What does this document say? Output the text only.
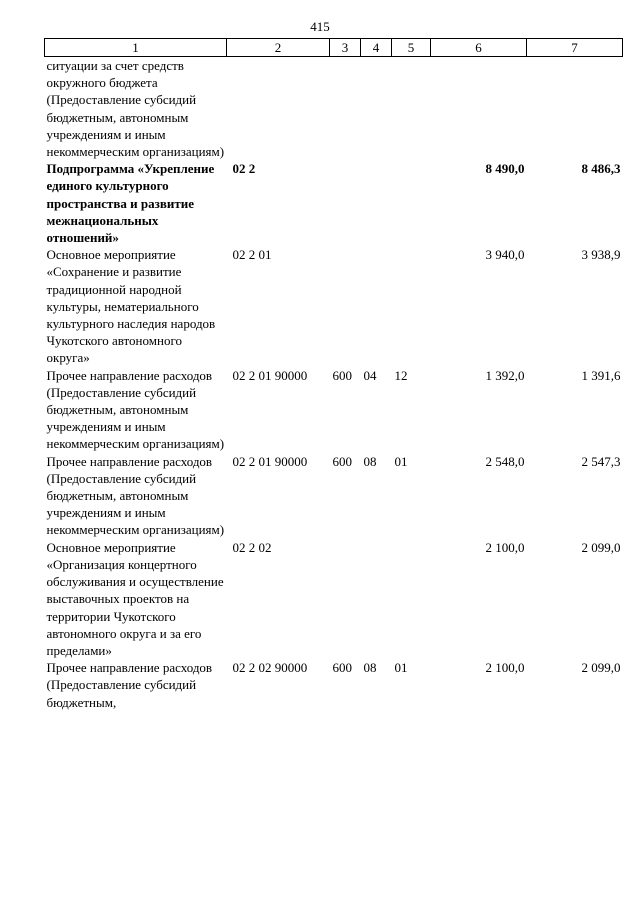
415
1	2	3	4	5	6	7
ситуации за счет средств окружного бюджета (Предоставление субсидий бюджетным, автономным учреждениям и иным некоммерческим организациям)						
Подпрограмма «Укрепление единого культурного пространства и развитие межнациональных отношений»	02 2				8 490,0	8 486,3
Основное мероприятие «Сохранение и развитие традиционной народной культуры, нематериального культурного наследия народов Чукотского автономного округа»	02 2 01				3 940,0	3 938,9
Прочее направление расходов (Предоставление субсидий бюджетным, автономным учреждениям и иным некоммерческим организациям)	02 2 01 90000	600	04	12	1 392,0	1 391,6
Прочее направление расходов (Предоставление субсидий бюджетным, автономным учреждениям и иным некоммерческим организациям)	02 2 01 90000	600	08	01	2 548,0	2 547,3
Основное мероприятие «Организация концертного обслуживания и осуществление выставочных проектов на территории Чукотского автономного округа и за его пределами»	02 2 02				2 100,0	2 099,0
Прочее направление расходов (Предоставление субсидий бюджетным,	02 2 02 90000	600	08	01	2 100,0	2 099,0
